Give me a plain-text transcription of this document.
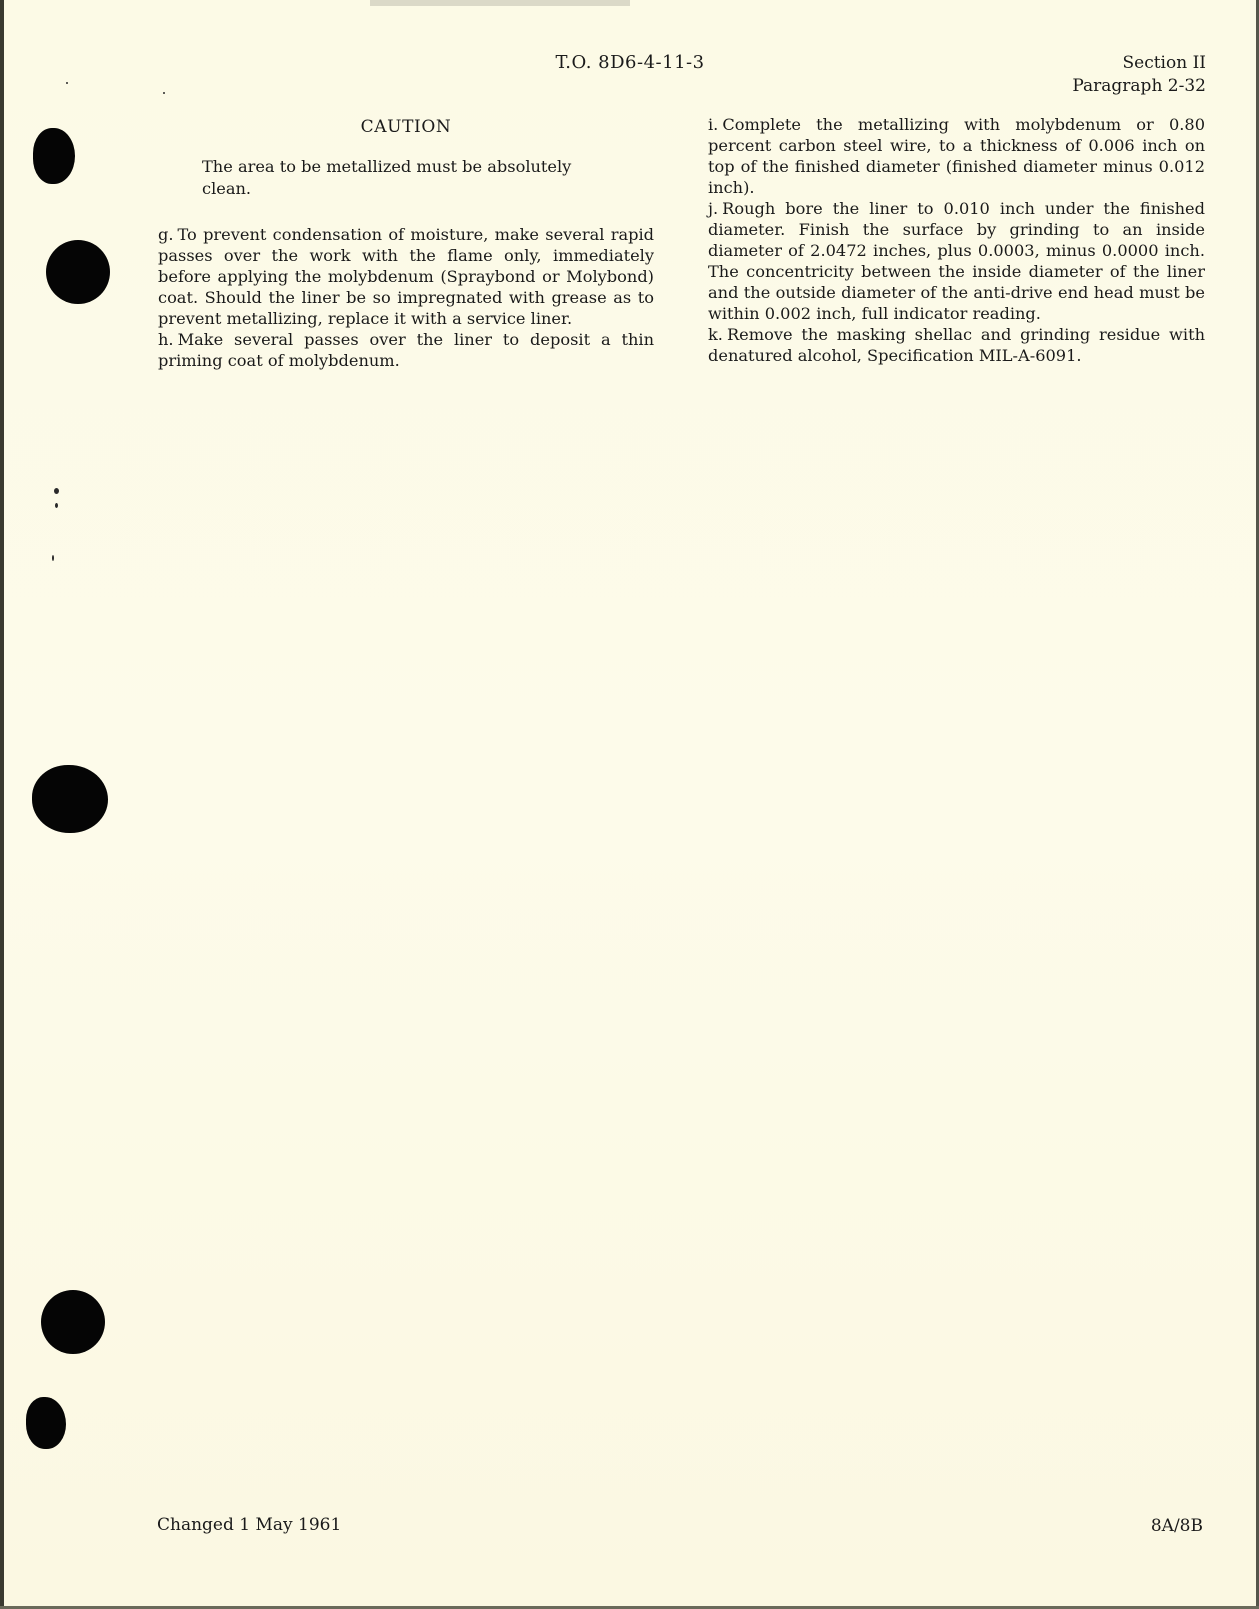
T.O. 8D6-4-11-3	Section II
Paragraph 2-32
CAUTION
The area to be metallized must be absolutely clean.

g. To prevent condensation of moisture, make several rapid passes over the work with the flame only, immediately before applying the molybdenum (Spraybond or Molybond) coat. Should the liner be so impregnated with grease as to prevent metallizing, replace it with a service liner.

h. Make several passes over the liner to deposit a thin priming coat of molybdenum.

i. Complete the metallizing with molybdenum or 0.80 percent carbon steel wire, to a thickness of 0.006 inch on top of the finished diameter (finished diameter minus 0.012 inch).

j. Rough bore the liner to 0.010 inch under the finished diameter. Finish the surface by grinding to an inside diameter of 2.0472 inches, plus 0.0003, minus 0.0000 inch. The concentricity between the inside diameter of the liner and the outside diameter of the anti-drive end head must be within 0.002 inch, full indicator reading.

k. Remove the masking shellac and grinding residue with denatured alcohol, Specification MIL-A-6091.

Changed 1 May 1961	8A/8B
